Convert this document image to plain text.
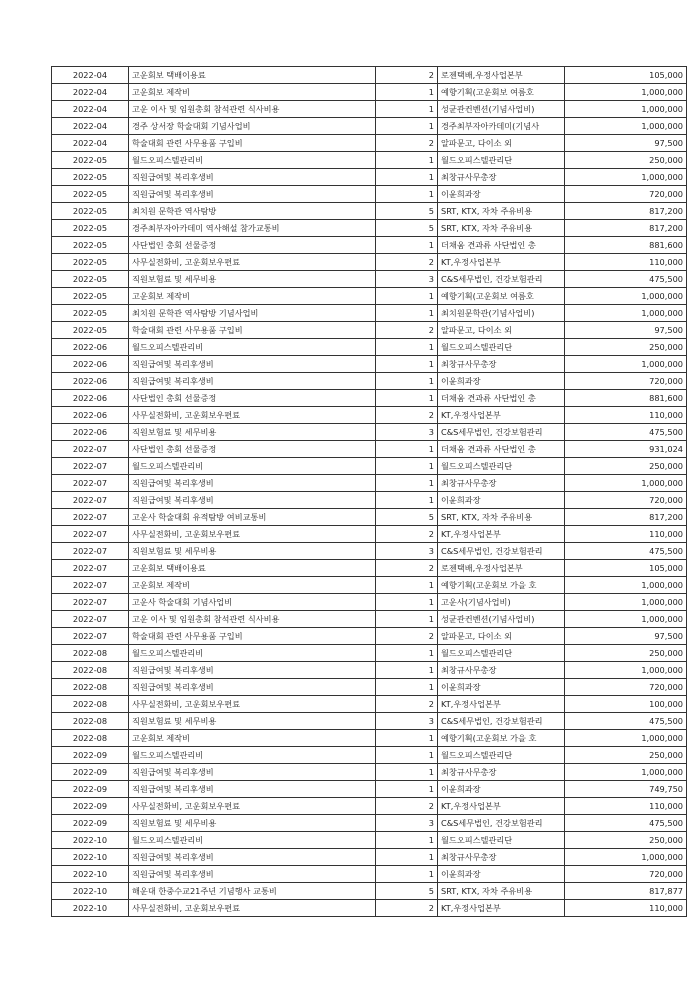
2022-04	고운회보 택배이용료	2	로젠택배,우정사업본부	105,000
2022-04	고운회보 제작비	1	예향기획(고운회보 여름호	1,000,000
2022-04	고운 이사 및 임원총회 참석관련 식사비용	1	성균관컨벤션(기념사업비)	1,000,000
2022-04	경주 상서장 학술대회 기념사업비	1	경주최부자아카데미(기념사	1,000,000
2022-04	학술대회 관련 사무용품 구입비	2	알파문고, 다이소 외	97,500
2022-05	월드오피스텔관리비	1	월드오피스텔관리단	250,000
2022-05	직원급여및 복리후생비	1	최창규사무총장	1,000,000
2022-05	직원급여및 복리후생비	1	이윤희과장	720,000
2022-05	최치원 문학관 역사탐방	5	SRT, KTX, 자차 주유비용	817,200
2022-05	경주최부자아카데미 역사해설 참가교통비	5	SRT, KTX, 자차 주유비용	817,200
2022-05	사단법인 총회 선물증정	1	더채움 견과류 사단법인 총	881,600
2022-05	사무실전화비, 고운회보우편료	2	KT,우정사업본부	110,000
2022-05	직원보험료 및 세무비용	3	C&S세무법인, 건강보험관리	475,500
2022-05	고운회보 제작비	1	예향기획(고운회보 여름호	1,000,000
2022-05	최치원 문학관 역사탐방 기념사업비	1	최치원문학관(기념사업비)	1,000,000
2022-05	학술대회 관련 사무용품 구입비	2	알파문고, 다이소 외	97,500
2022-06	월드오피스텔관리비	1	월드오피스텔관리단	250,000
2022-06	직원급여및 복리후생비	1	최창규사무총장	1,000,000
2022-06	직원급여및 복리후생비	1	이윤희과장	720,000
2022-06	사단법인 총회 선물증정	1	더채움 견과류 사단법인 총	881,600
2022-06	사무실전화비, 고운회보우편료	2	KT,우정사업본부	110,000
2022-06	직원보험료 및 세무비용	3	C&S세무법인, 건강보험관리	475,500
2022-07	사단법인 총회 선물증정	1	더채움 견과류 사단법인 총	931,024
2022-07	월드오피스텔관리비	1	월드오피스텔관리단	250,000
2022-07	직원급여및 복리후생비	1	최창규사무총장	1,000,000
2022-07	직원급여및 복리후생비	1	이윤희과장	720,000
2022-07	고운사 학술대회 유적탐방 여비교통비	5	SRT, KTX, 자차 주유비용	817,200
2022-07	사무실전화비, 고운회보우편료	2	KT,우정사업본부	110,000
2022-07	직원보험료 및 세무비용	3	C&S세무법인, 건강보험관리	475,500
2022-07	고운회보 택배이용료	2	로젠택배,우정사업본부	105,000
2022-07	고운회보 제작비	1	예향기획(고운회보 가을 호	1,000,000
2022-07	고운사 학술대회 기념사업비	1	고운사(기념사업비)	1,000,000
2022-07	고운 이사 및 임원총회 참석관련 식사비용	1	성균관컨벤션(기념사업비)	1,000,000
2022-07	학술대회 관련 사무용품 구입비	2	알파문고, 다이소 외	97,500
2022-08	월드오피스텔관리비	1	월드오피스텔관리단	250,000
2022-08	직원급여및 복리후생비	1	최창규사무총장	1,000,000
2022-08	직원급여및 복리후생비	1	이윤희과장	720,000
2022-08	사무실전화비, 고운회보우편료	2	KT,우정사업본부	100,000
2022-08	직원보험료 및 세무비용	3	C&S세무법인, 건강보험관리	475,500
2022-08	고운회보 제작비	1	예향기획(고운회보 가을 호	1,000,000
2022-09	월드오피스텔관리비	1	월드오피스텔관리단	250,000
2022-09	직원급여및 복리후생비	1	최창규사무총장	1,000,000
2022-09	직원급여및 복리후생비	1	이윤희과장	749,750
2022-09	사무실전화비, 고운회보우편료	2	KT,우정사업본부	110,000
2022-09	직원보험료 및 세무비용	3	C&S세무법인, 건강보험관리	475,500
2022-10	월드오피스텔관리비	1	월드오피스텔관리단	250,000
2022-10	직원급여및 복리후생비	1	최창규사무총장	1,000,000
2022-10	직원급여및 복리후생비	1	이윤희과장	720,000
2022-10	해운대 한중수교21주년 기념행사 교통비	5	SRT, KTX, 자차 주유비용	817,877
2022-10	사무실전화비, 고운회보우편료	2	KT,우정사업본부	110,000
